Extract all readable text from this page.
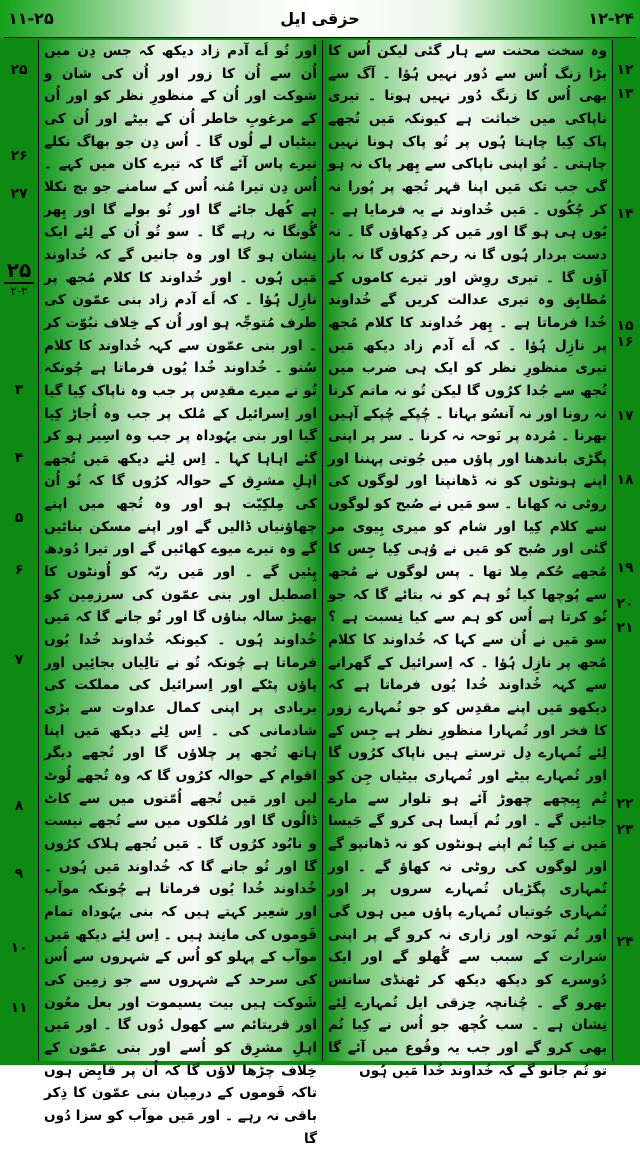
۱۱-۲۵	حزقی ایل	۱۲-۲۴
۲۵
۲۶
۲۷
۲۵
۲-۲
۳
۴
۵
۶
۷
۸
۹
۱۰
۱۱

اور تُو اَے آدم زاد دیکھ کہ جس دِن میں اُن سے اُن کا زور اور اُن کی شان و شوکت اور اُن کے منظورِ نظر کو اور اُن کے مرغوبِ خاطر اُن کے بیٹے اور اُن کی بیٹیاں لے لُوں گا ۔ اُس دِن جو بھاگ نکلے تیرے پاس آئے گا کہ تیرے کان میں کہے ۔ اُس دِن تیرا مُنہ اُس کے سامنے جو بچ نکلا ہے کُھل جائے گا اور تُو بولے گا اور پِھر گُونگا نہ رہے گا ۔ سو تُو اُن کے لِئے ایک نِشان ہو گا اور وہ جانیں گے کہ خُداوند مَیں ہُوں ۔ اور خُداوند کا کلام مُجھ پر نازِل ہُؤا ۔ کہ اَے آدم زاد بنی عمّون کی طرف مُتوجِّہ ہو اور اُن کے خِلاف نبُوّت کر ۔ اور بنی عمّون سے کہہ خُداوند کا کلام سُنو ۔ خُداوند خُدا یُوں فرماتا ہے چُونکہ تُو نے میرے مقدِس پر جب وہ ناپاک کِیا گیا اور اِسرائیل کے مُلک پر جب وہ اُجاڑ کِیا گیا اور بنی یہُوداہ پر جب وہ اسِیر ہو کر گئے اہاہا کہا ۔ اِس لِئے دیکھ مَیں تُجھے اہلِ مشرِق کے حوالہ کرُوں گا کہ تُو اُن کی مِلکِیّت ہو اور وہ تُجھ میں اپنے چھاؤنیاں ڈالیں گے اور اپنے مسکن بنائیں گے وہ تیرے میوے کھائیں گے اور تیرا دُودھ پِئیں گے ۔ اور مَیں ربّہ کو اُونٹوں کا اصطبل اور بنی عمّون کی سرزمِین کو بھیڑ سالہ بناؤں گا اور تُو جانے گا کہ مَیں خُداوند ہُوں ۔ کیونکہ خُداوند خُدا یُوں فرماتا ہے چُونکہ تُو نے تالِیاں بجائِیں اور پاؤں پٹکے اور اِسرائیل کی مملکت کی بربادی پر اپنی کمال عداوت سے بڑی شادمانی کی ۔ اِس لِئے دیکھ مَیں اپنا ہاتھ تُجھ پر چلاؤں گا اور تُجھے دیگر اقوام کے حوالہ کرُوں گا کہ وہ تُجھے لُوٹ لیں اور مَیں تُجھے اُمّتوں میں سے کاٹ ڈالُوں گا اور مُلکوں میں سے تُجھے نیست و نابُود کرُوں گا ۔ مَیں تُجھے ہلاک کرُوں گا اور تُو جانے گا کہ خُداوند مَیں ہُوں ۔ خُداوند خُدا یُوں فرماتا ہے چُونکہ موآب اور شعِیر کہتے ہیں کہ بنی یہُوداہ تمام قَوموں کی مانِند ہیں ۔ اِس لِئے دیکھ مَیں موآب کے پہلو کو اُس کے شہروں سے اُس کی سرحد کے شہروں سے جو زمِین کی شَوکت ہیں بیت یسیموت اور بعل معُون اور قریتائم سے کھول دُوں گا ۔ اور مَیں اہلِ مشرِق کو اُسے اور بنی عمّون کے خِلاف چڑھا لاؤں گا کہ اُن پر قابِض ہوں تاکہ قَوموں کے درمِیان بنی عمّون کا ذِکر باقی نہ رہے ۔ اور مَیں موآب کو سزا دُوں گا

وہ سخت محنت سے ہار گئی لیکن اُس کا بڑا زنگ اُس سے دُور نہیں ہُؤا ۔ آگ سے بھی اُس کا زنگ دُور نہیں ہوتا ۔ تیری ناپاکی میں خباثت ہے کیونکہ مَیں تُجھے پاک کِیا چاہتا ہُوں پر تُو پاک ہونا نہیں چاہتی ۔ تُو اپنی ناپاکی سے پِھر پاک نہ ہو گی جب تک مَیں اپنا قہر تُجھ پر پُورا نہ کر چُکُوں ۔ مَیں خُداوند نے یہ فرمایا ہے ۔ یُوں ہی ہو گا اور مَیں کر دِکھاؤں گا ۔ نہ دست بردار ہُوں گا نہ رحم کرُوں گا نہ باز آؤں گا ۔ تیری روِش اور تیرے کاموں کے مُطابِق وہ تیری عدالت کریں گے خُداوند خُدا فرماتا ہے ۔ پِھر خُداوند کا کلام مُجھ پر نازِل ہُؤا ۔ کہ اَے آدم زاد دیکھ مَیں تیری منظورِ نظر کو ایک ہی ضرب میں تُجھ سے جُدا کرُوں گا لیکن تُو نہ ماتم کرنا نہ رونا اور نہ آنسُو بہانا ۔ چُپکے چُپکے آہیں بھرنا ۔ مُردہ پر نَوحہ نہ کرنا ۔ سر پر اپنی پگڑی باندھنا اور پاؤں میں جُوتی پہننا اور اپنے ہونٹوں کو نہ ڈھانپنا اور لوگوں کی روٹی نہ کھانا ۔ سو مَیں نے صُبح کو لوگوں سے کلام کِیا اور شام کو میری بِیوی مر گئی اور صُبح کو مَیں نے وُہی کِیا جِس کا مُجھے حُکم مِلا تھا ۔ پس لوگوں نے مُجھ سے پُوچھا کیا تُو ہم کو نہ بتائے گا کہ جو تُو کرتا ہے اُس کو ہم سے کیا نِسبت ہے ؟ سو مَیں نے اُن سے کہا کہ خُداوند کا کلام مُجھ پر نازِل ہُؤا ۔ کہ اِسرائیل کے گھرانے سے کہہ خُداوند خُدا یُوں فرماتا ہے کہ دیکھو مَیں اپنے مقدِس کو جو تُمہارے زور کا فخر اور تُمہارا منظورِ نظر ہے جِس کے لِئے تُمہارے دِل ترستے ہیں ناپاک کرُوں گا اور تُمہارے بیٹے اور تُمہاری بیٹیاں جِن کو تُم پِیچھے چھوڑ آئے ہو تلوار سے مارے جائیں گے ۔ اور تُم اَیسا ہی کرو گے جَیسا مَیں نے کِیا تُم اپنے ہونٹوں کو نہ ڈھانپو گے اور لوگوں کی روٹی نہ کھاؤ گے ۔ اور تُمہاری پگڑیاں تُمہارے سروں پر اور تُمہاری جُوتیاں تُمہارے پاؤں میں ہوں گی اور تُم نَوحہ اور زاری نہ کرو گے پر اپنی شرارت کے سبب سے گُھلو گے اور ایک دُوسرے کو دیکھ دیکھ کر ٹھنڈی سانس بھرو گے ۔ چُنانچہ حِزقی ایل تُمہارے لِئے نِشان ہے ۔ سب کُچھ جو اُس نے کِیا تُم بھی کرو گے اور جب یہ وقُوع میں آئے گا تو تُم جانو گے کہ خُداوند خُدا مَیں ہُوں

۱۲
۱۳
۱۴
۱۵
۱۶
۱۷
۱۸
۱۹
۲۰
۲۱
۲۲
۲۳
۲۴
